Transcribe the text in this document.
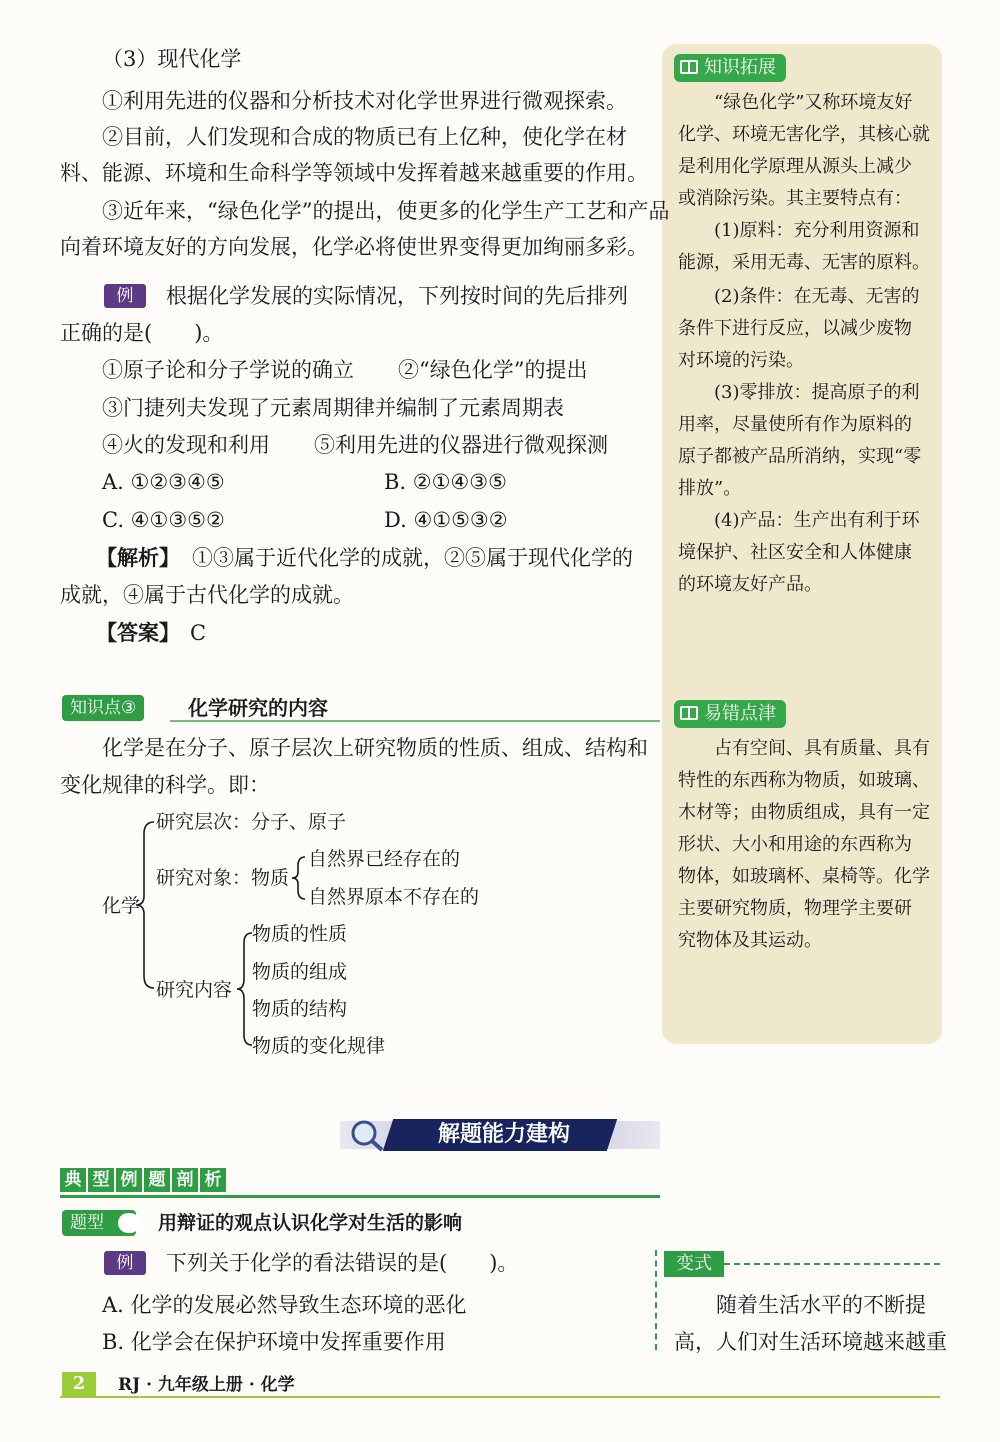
（3）现代化学
①利用先进的仪器和分析技术对化学世界进行微观探索。
②目前，人们发现和合成的物质已有上亿种，使化学在材
料、能源、环境和生命科学等领域中发挥着越来越重要的作用。
③近年来，“绿色化学”的提出，使更多的化学生产工艺和产品
向着环境友好的方向发展，化学必将使世界变得更加绚丽多彩。
例	根据化学发展的实际情况，下列按时间的先后排列
正确的是(　　)。
①原子论和分子学说的确立 ②“绿色化学”的提出
③门捷列夫发现了元素周期律并编制了元素周期表
④火的发现和利用 ⑤利用先进的仪器进行微观探测
A. ①②③④⑤	B. ②①④③⑤
C. ④①③⑤②	D. ④①⑤③②
【解析】 ①③属于近代化学的成就，②⑤属于现代化学的
成就，④属于古代化学的成就。
【答案】 C
知识点③	化学研究的内容
化学是在分子、原子层次上研究物质的性质、组成、结构和
变化规律的科学。即：
化学
研究层次：分子、原子
研究对象：物质
自然界已经存在的
自然界原本不存在的
研究内容
物质的性质
物质的组成
物质的结构
物质的变化规律
知识拓展
“绿色化学”又称环境友好
化学、环境无害化学，其核心就
是利用化学原理从源头上减少
或消除污染。其主要特点有：
(1)原料：充分利用资源和
能源，采用无毒、无害的原料。
(2)条件：在无毒、无害的
条件下进行反应，以减少废物
对环境的污染。
(3)零排放：提高原子的利
用率，尽量使所有作为原料的
原子都被产品所消纳，实现“零
排放”。
(4)产品：生产出有利于环
境保护、社区安全和人体健康
的环境友好产品。
易错点津
占有空间、具有质量、具有
特性的东西称为物质，如玻璃、
木材等；由物质组成，具有一定
形状、大小和用途的东西称为
物体，如玻璃杯、桌椅等。化学
主要研究物质，物理学主要研
究物体及其运动。
解题能力建构
典 型 例 题 剖 析
题型	用辩证的观点认识化学对生活的影响
例	下列关于化学的看法错误的是(　　)。
A. 化学的发展必然导致生态环境的恶化
B. 化学会在保护环境中发挥重要作用
变式
随着生活水平的不断提
高，人们对生活环境越来越重
2	RJ · 九年级上册 · 化学
